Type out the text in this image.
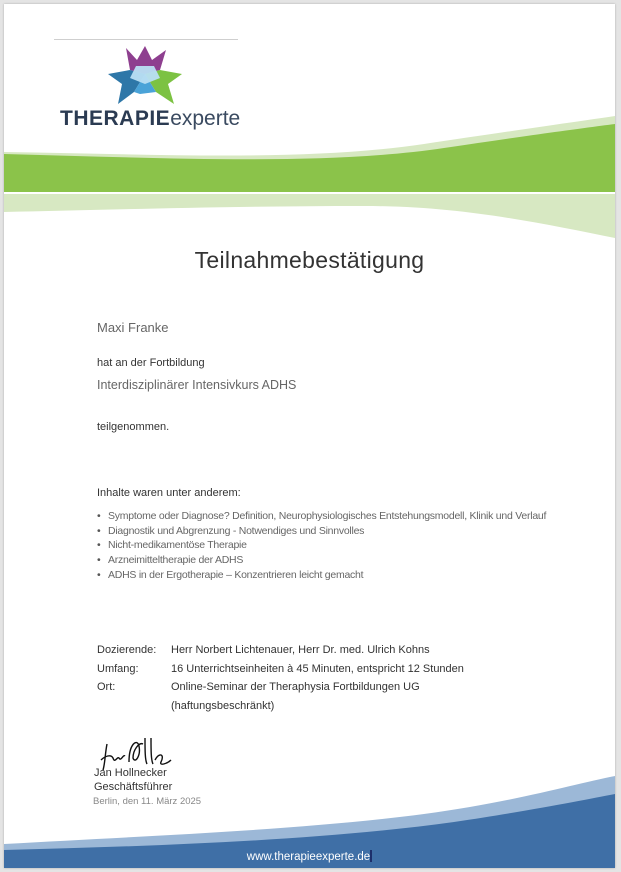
THERAPIEexperte
Teilnahmebestätigung
Maxi Franke
hat an der Fortbildung
Interdisziplinärer Intensivkurs ADHS
teilgenommen.
Inhalte waren unter anderem:
• Symptome oder Diagnose? Definition, Neurophysiologisches Entstehungsmodell, Klinik und Verlauf
• Diagnostik und Abgrenzung - Notwendiges und Sinnvolles
• Nicht-medikamentöse Therapie
• Arzneimitteltherapie der ADHS
• ADHS in der Ergotherapie – Konzentrieren leicht gemacht
Dozierende:	Herr Norbert Lichtenauer, Herr Dr. med. Ulrich Kohns
Umfang:	16 Unterrichtseinheiten à 45 Minuten, entspricht 12 Stunden
Ort:	Online-Seminar der Theraphysia Fortbildungen UG
(haftungsbeschränkt)
Jan Hollnecker
Geschäftsführer
Berlin, den 11. März 2025
www.therapieexperte.de
